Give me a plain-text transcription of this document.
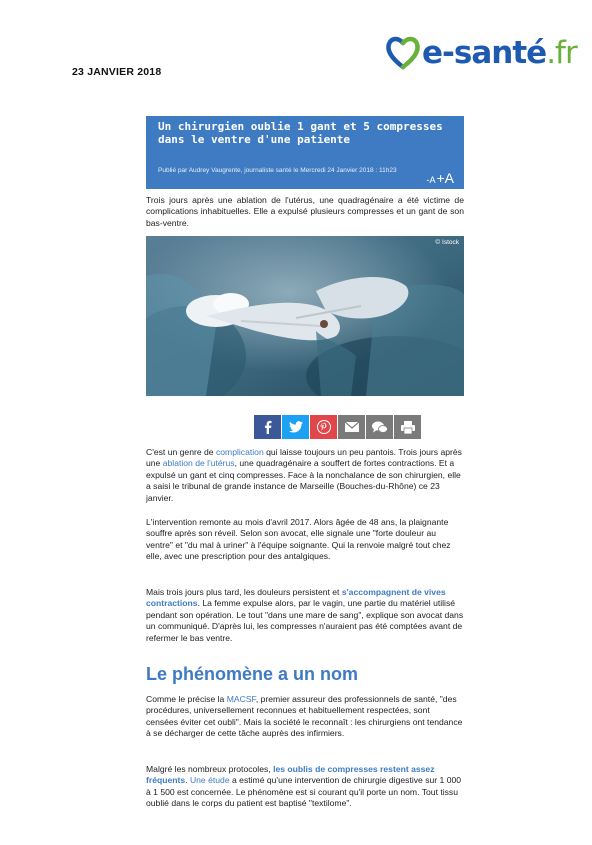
23 JANVIER 2018
e-santé.fr
Un chirurgien oublie 1 gant et 5 compresses dans le ventre d'une patiente
Publié par Audrey Vaugrente, journaliste santé le Mercredi 24 Janvier 2018 : 11h23
-A+A
Trois jours après une ablation de l'utérus, une quadragénaire a été victime de complications inhabituelles. Elle a expulsé plusieurs compresses et un gant de son bas-ventre.
© Istock
C'est un genre de complication qui laisse toujours un peu pantois. Trois jours après une ablation de l'utérus, une quadragénaire a souffert de fortes contractions. Et a expulsé un gant et cinq compresses. Face à la nonchalance de son chirurgien, elle a saisi le tribunal de grande instance de Marseille (Bouches-du-Rhône) ce 23 janvier.
L'intervention remonte au mois d'avril 2017. Alors âgée de 48 ans, la plaignante souffre après son réveil. Selon son avocat, elle signale une "forte douleur au ventre" et "du mal à uriner" à l'équipe soignante. Qui la renvoie malgré tout chez elle, avec une prescription pour des antalgiques.
Mais trois jours plus tard, les douleurs persistent et s'accompagnent de vives contractions. La femme expulse alors, par le vagin, une partie du matériel utilisé pendant son opération. Le tout "dans une mare de sang", explique son avocat dans un communiqué. D'après lui, les compresses n'auraient pas été comptées avant de refermer le bas ventre.
Le phénomène a un nom
Comme le précise la MACSF, premier assureur des professionnels de santé, "des procédures, universellement reconnues et habituellement respectées, sont censées éviter cet oubli". Mais la société le reconnaît : les chirurgiens ont tendance à se décharger de cette tâche auprès des infirmiers.
Malgré les nombreux protocoles, les oublis de compresses restent assez fréquents. Une étude a estimé qu'une intervention de chirurgie digestive sur 1 000 à 1 500 est concernée. Le phénomène est si courant qu'il porte un nom. Tout tissu oublié dans le corps du patient est baptisé "textilome".
